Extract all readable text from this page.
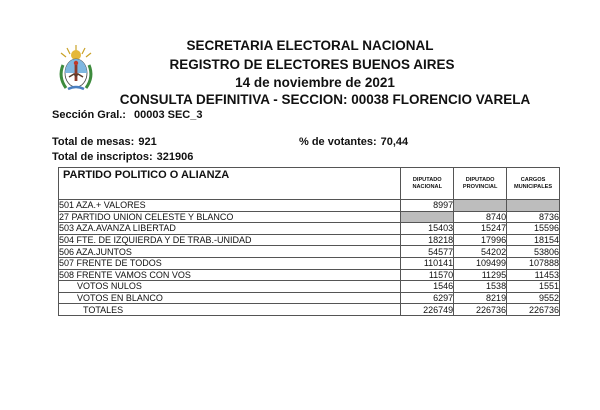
SECRETARIA ELECTORAL NACIONAL
REGISTRO DE ELECTORES BUENOS AIRES
14 de noviembre de 2021
CONSULTA DEFINITIVA - SECCION: 00038 FLORENCIO VARELA
Sección Gral.: 00003 SEC_3
Total de mesas: 921	% de votantes: 70,44
Total de inscriptos: 321906
PARTIDO POLITICO O ALIANZA	DIPUTADO NACIONAL	DIPUTADO PROVINCIAL	CARGOS MUNICIPALES
501 AZA.+ VALORES	8997		
27 PARTIDO UNION CELESTE Y BLANCO		8740	8736
503 AZA.AVANZA LIBERTAD	15403	15247	15596
504 FTE. DE IZQUIERDA Y DE TRAB.-UNIDAD	18218	17996	18154
506 AZA.JUNTOS	54577	54202	53806
507 FRENTE DE TODOS	110141	109499	107888
508 FRENTE VAMOS CON VOS	11570	11295	11453
VOTOS NULOS	1546	1538	1551
VOTOS EN BLANCO	6297	8219	9552
TOTALES	226749	226736	226736
